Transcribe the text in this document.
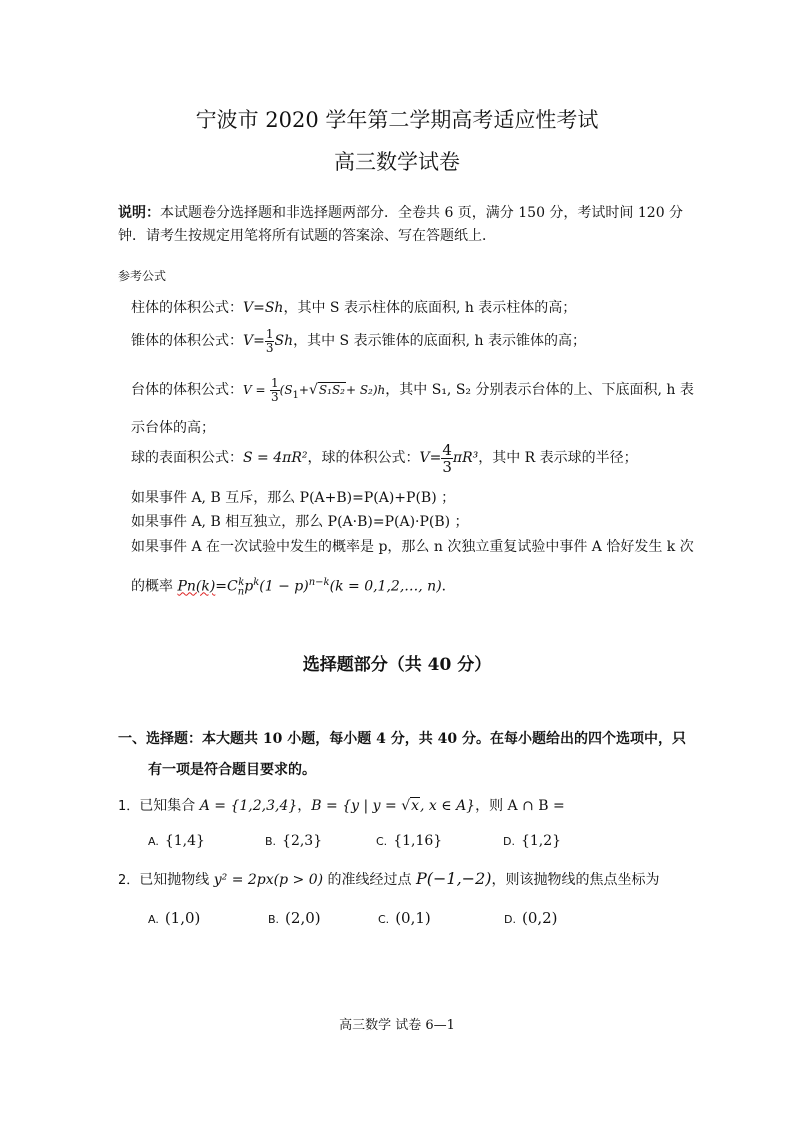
宁波市 2020 学年第二学期高考适应性考试
高三数学试卷
说明：本试题卷分选择题和非选择题两部分．全卷共 6 页，满分 150 分，考试时间 120 分
钟．请考生按规定用笔将所有试题的答案涂、写在答题纸上．
参考公式
柱体的体积公式：V=Sh，其中 S 表示柱体的底面积, h 表示柱体的高；
锥体的体积公式：$V= \frac{1}{3}$ Sh，其中 S 表示锥体的底面积, h 表示锥体的高；
台体的体积公式：$V = \frac{1}{3} (S_1+√S_1S_2+ S_2)h$，其中 S₁, S₂ 分别表示台体的上、下底面积, h 表
示台体的高；
球的表面积公式：S = 4πR²，球的体积公式：$V= \frac{4}{3} \pi R^3$，其中 R 表示球的半径；
如果事件 A, B 互斥，那么 P(A+B)=P(A)+P(B) ；
如果事件 A, B 相互独立，那么 P(A·B)=P(A)·P(B) ；
如果事件 A 在一次试验中发生的概率是 p，那么 n 次独立重复试验中事件 A 恰好发生 k 次
的概率 $Pn(k)=C_n^kp^k(1 - p)^{n-k}(k$ = 0,1,2,…, n)．
选择题部分（共 40 分）
一、选择题：本大题共 10 小题，每小题 4 分，共 40 分。在每小题给出的四个选项中，只
有一项是符合题目要求的。
1．已知集合 A = {1,2,3,4}，B = {y | y = √x, x ∈ A}，则 A ∩ B =
A. {1,4}	B. {2,3}	C. {1,16}	D. {1,2}
2．已知抛物线 y² = 2px(p > 0) 的准线经过点 P(−1,−2)，则该抛物线的焦点坐标为
A. (1,0)	B. (2,0)	C. (0,1)	D. (0,2)
高三数学 试卷 6—1
